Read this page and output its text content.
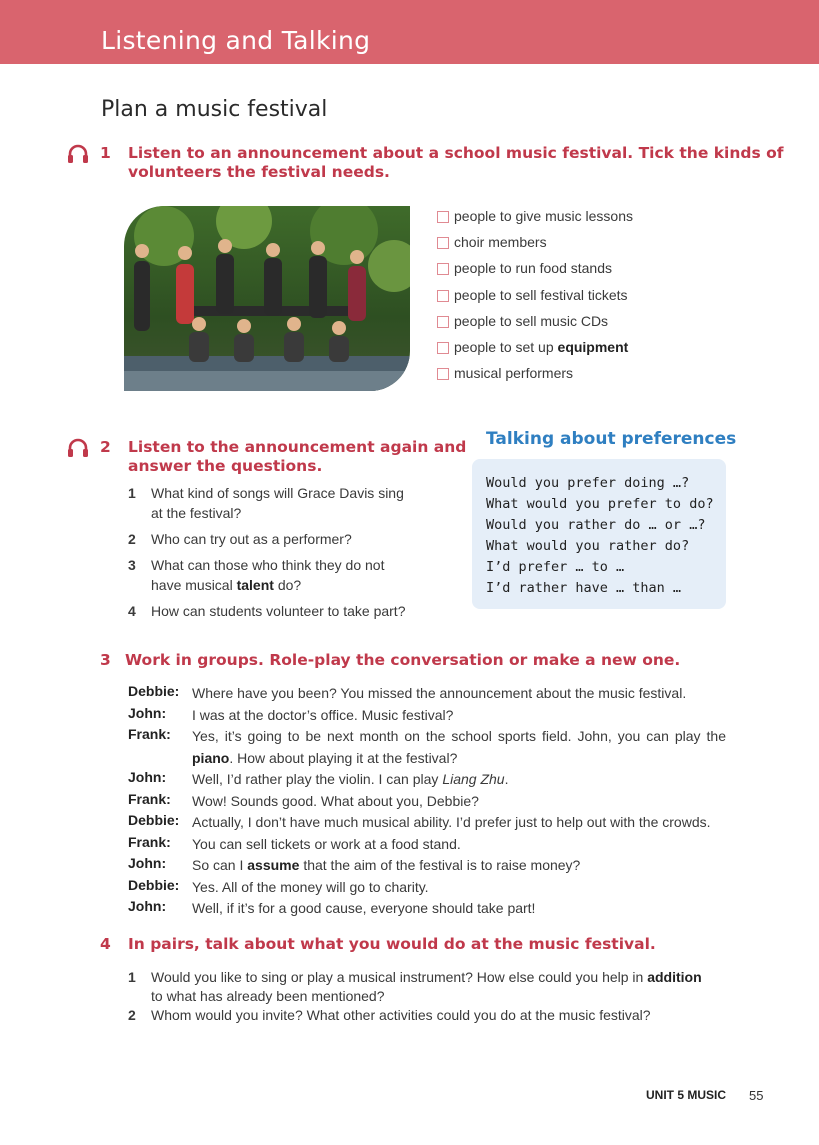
Listening and Talking
Plan a music festival
1 Listen to an announcement about a school music festival. Tick the kinds of
volunteers the festival needs.
people to give music lessons
choir members
people to run food stands
people to sell festival tickets
people to sell music CDs
people to set up
equipment
musical performers
2 Listen to the announcement again and
answer the questions.
1 What kind of songs will Grace Davis sing
at the festival?
2 Who can try out as a performer?
3 What can those who think they do not
have musical talent do?
4 How can students volunteer to take part?
Talking about preferences
Would you prefer doing …?
What would you prefer to do?
Would you rather do … or …?
What would you rather do?
I’d prefer … to …
I’d rather have … than …
3 Work in groups. Role-play the conversation or make a new one.
Debbie: Where have you been? You missed the announcement about the music festival.
John: I was at the doctor’s office. Music festival?
Frank: Yes, it’s going to be next month on the school sports field. John, you can play the piano. How about playing it at the festival?
John: Well, I’d rather play the violin. I can play Liang Zhu.
Frank: Wow! Sounds good. What about you, Debbie?
Debbie: Actually, I don’t have much musical ability. I’d prefer just to help out with the crowds.
Frank: You can sell tickets or work at a food stand.
John: So can I assume that the aim of the festival is to raise money?
Debbie: Yes. All of the money will go to charity.
John: Well, if it’s for a good cause, everyone should take part!
4 In pairs, talk about what you would do at the music festival.
1 Would you like to sing or play a musical instrument? How else could you help in addition
to what has already been mentioned?
2 Whom would you invite? What other activities could you do at the music festival?
UNIT 5 MUSIC 55
